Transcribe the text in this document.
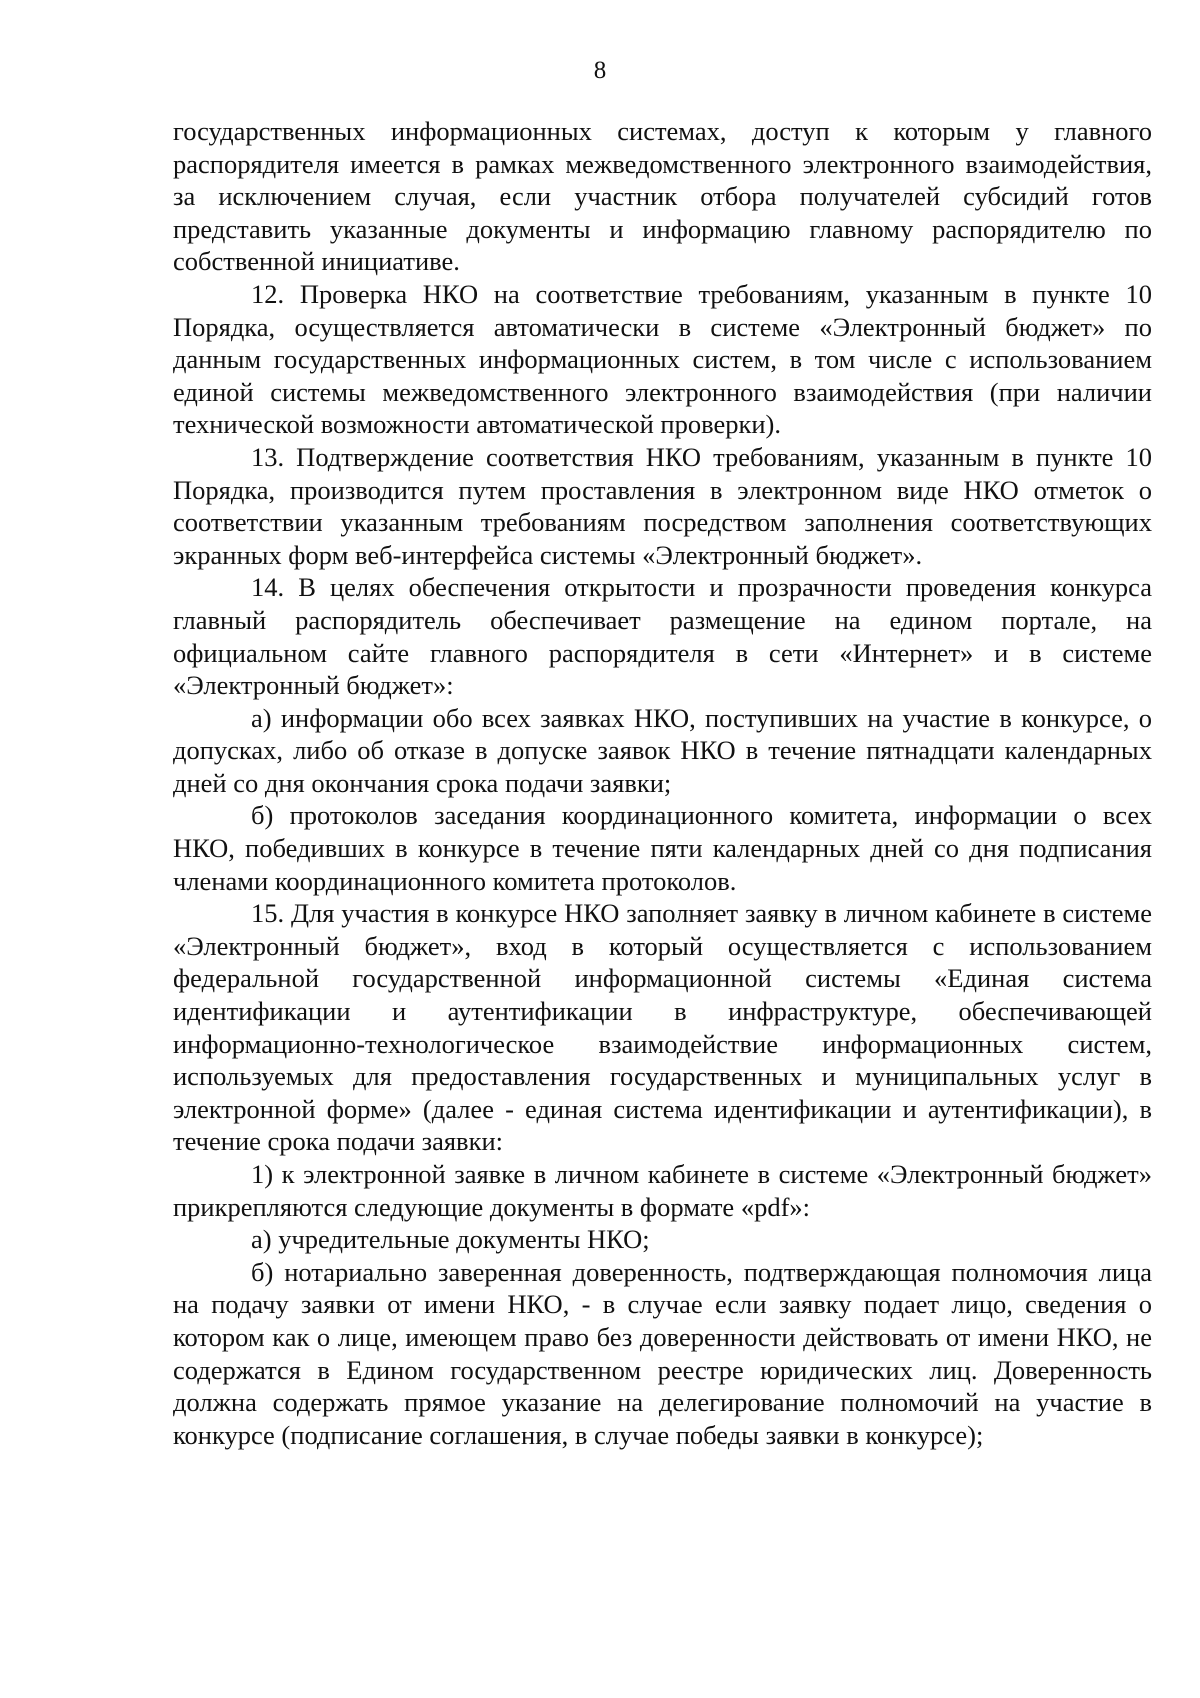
8

государственных информационных системах, доступ к которым у главного распорядителя имеется в рамках межведомственного электронного взаимодействия, за исключением случая, если участник отбора получателей субсидий готов представить указанные документы и информацию главному распорядителю по собственной инициативе.

12. Проверка НКО на соответствие требованиям, указанным в пункте 10 Порядка, осуществляется автоматически в системе «Электронный бюджет» по данным государственных информационных систем, в том числе с использованием единой системы межведомственного электронного взаимодействия (при наличии технической возможности автоматической проверки).

13. Подтверждение соответствия НКО требованиям, указанным в пункте 10 Порядка, производится путем проставления в электронном виде НКО отметок о соответствии указанным требованиям посредством заполнения соответствующих экранных форм веб-интерфейса системы «Электронный бюджет».

14. В целях обеспечения открытости и прозрачности проведения конкурса главный распорядитель обеспечивает размещение на едином портале, на официальном сайте главного распорядителя в сети «Интернет» и в системе «Электронный бюджет»:

а) информации обо всех заявках НКО, поступивших на участие в конкурсе, о допусках, либо об отказе в допуске заявок НКО в течение пятнадцати календарных дней со дня окончания срока подачи заявки;

б) протоколов заседания координационного комитета, информации о всех НКО, победивших в конкурсе в течение пяти календарных дней со дня подписания членами координационного комитета протоколов.

15. Для участия в конкурсе НКО заполняет заявку в личном кабинете в системе «Электронный бюджет», вход в который осуществляется с использованием федеральной государственной информационной системы «Единая система идентификации и аутентификации в инфраструктуре, обеспечивающей информационно-технологическое взаимодействие информационных систем, используемых для предоставления государственных и муниципальных услуг в электронной форме» (далее - единая система идентификации и аутентификации), в течение срока подачи заявки:

1) к электронной заявке в личном кабинете в системе «Электронный бюджет» прикрепляются следующие документы в формате «pdf»:

а) учредительные документы НКО;

б) нотариально заверенная доверенность, подтверждающая полномочия лица на подачу заявки от имени НКО, - в случае если заявку подает лицо, сведения о котором как о лице, имеющем право без доверенности действовать от имени НКО, не содержатся в Едином государственном реестре юридических лиц. Доверенность должна содержать прямое указание на делегирование полномочий на участие в конкурсе (подписание соглашения, в случае победы заявки в конкурсе);
